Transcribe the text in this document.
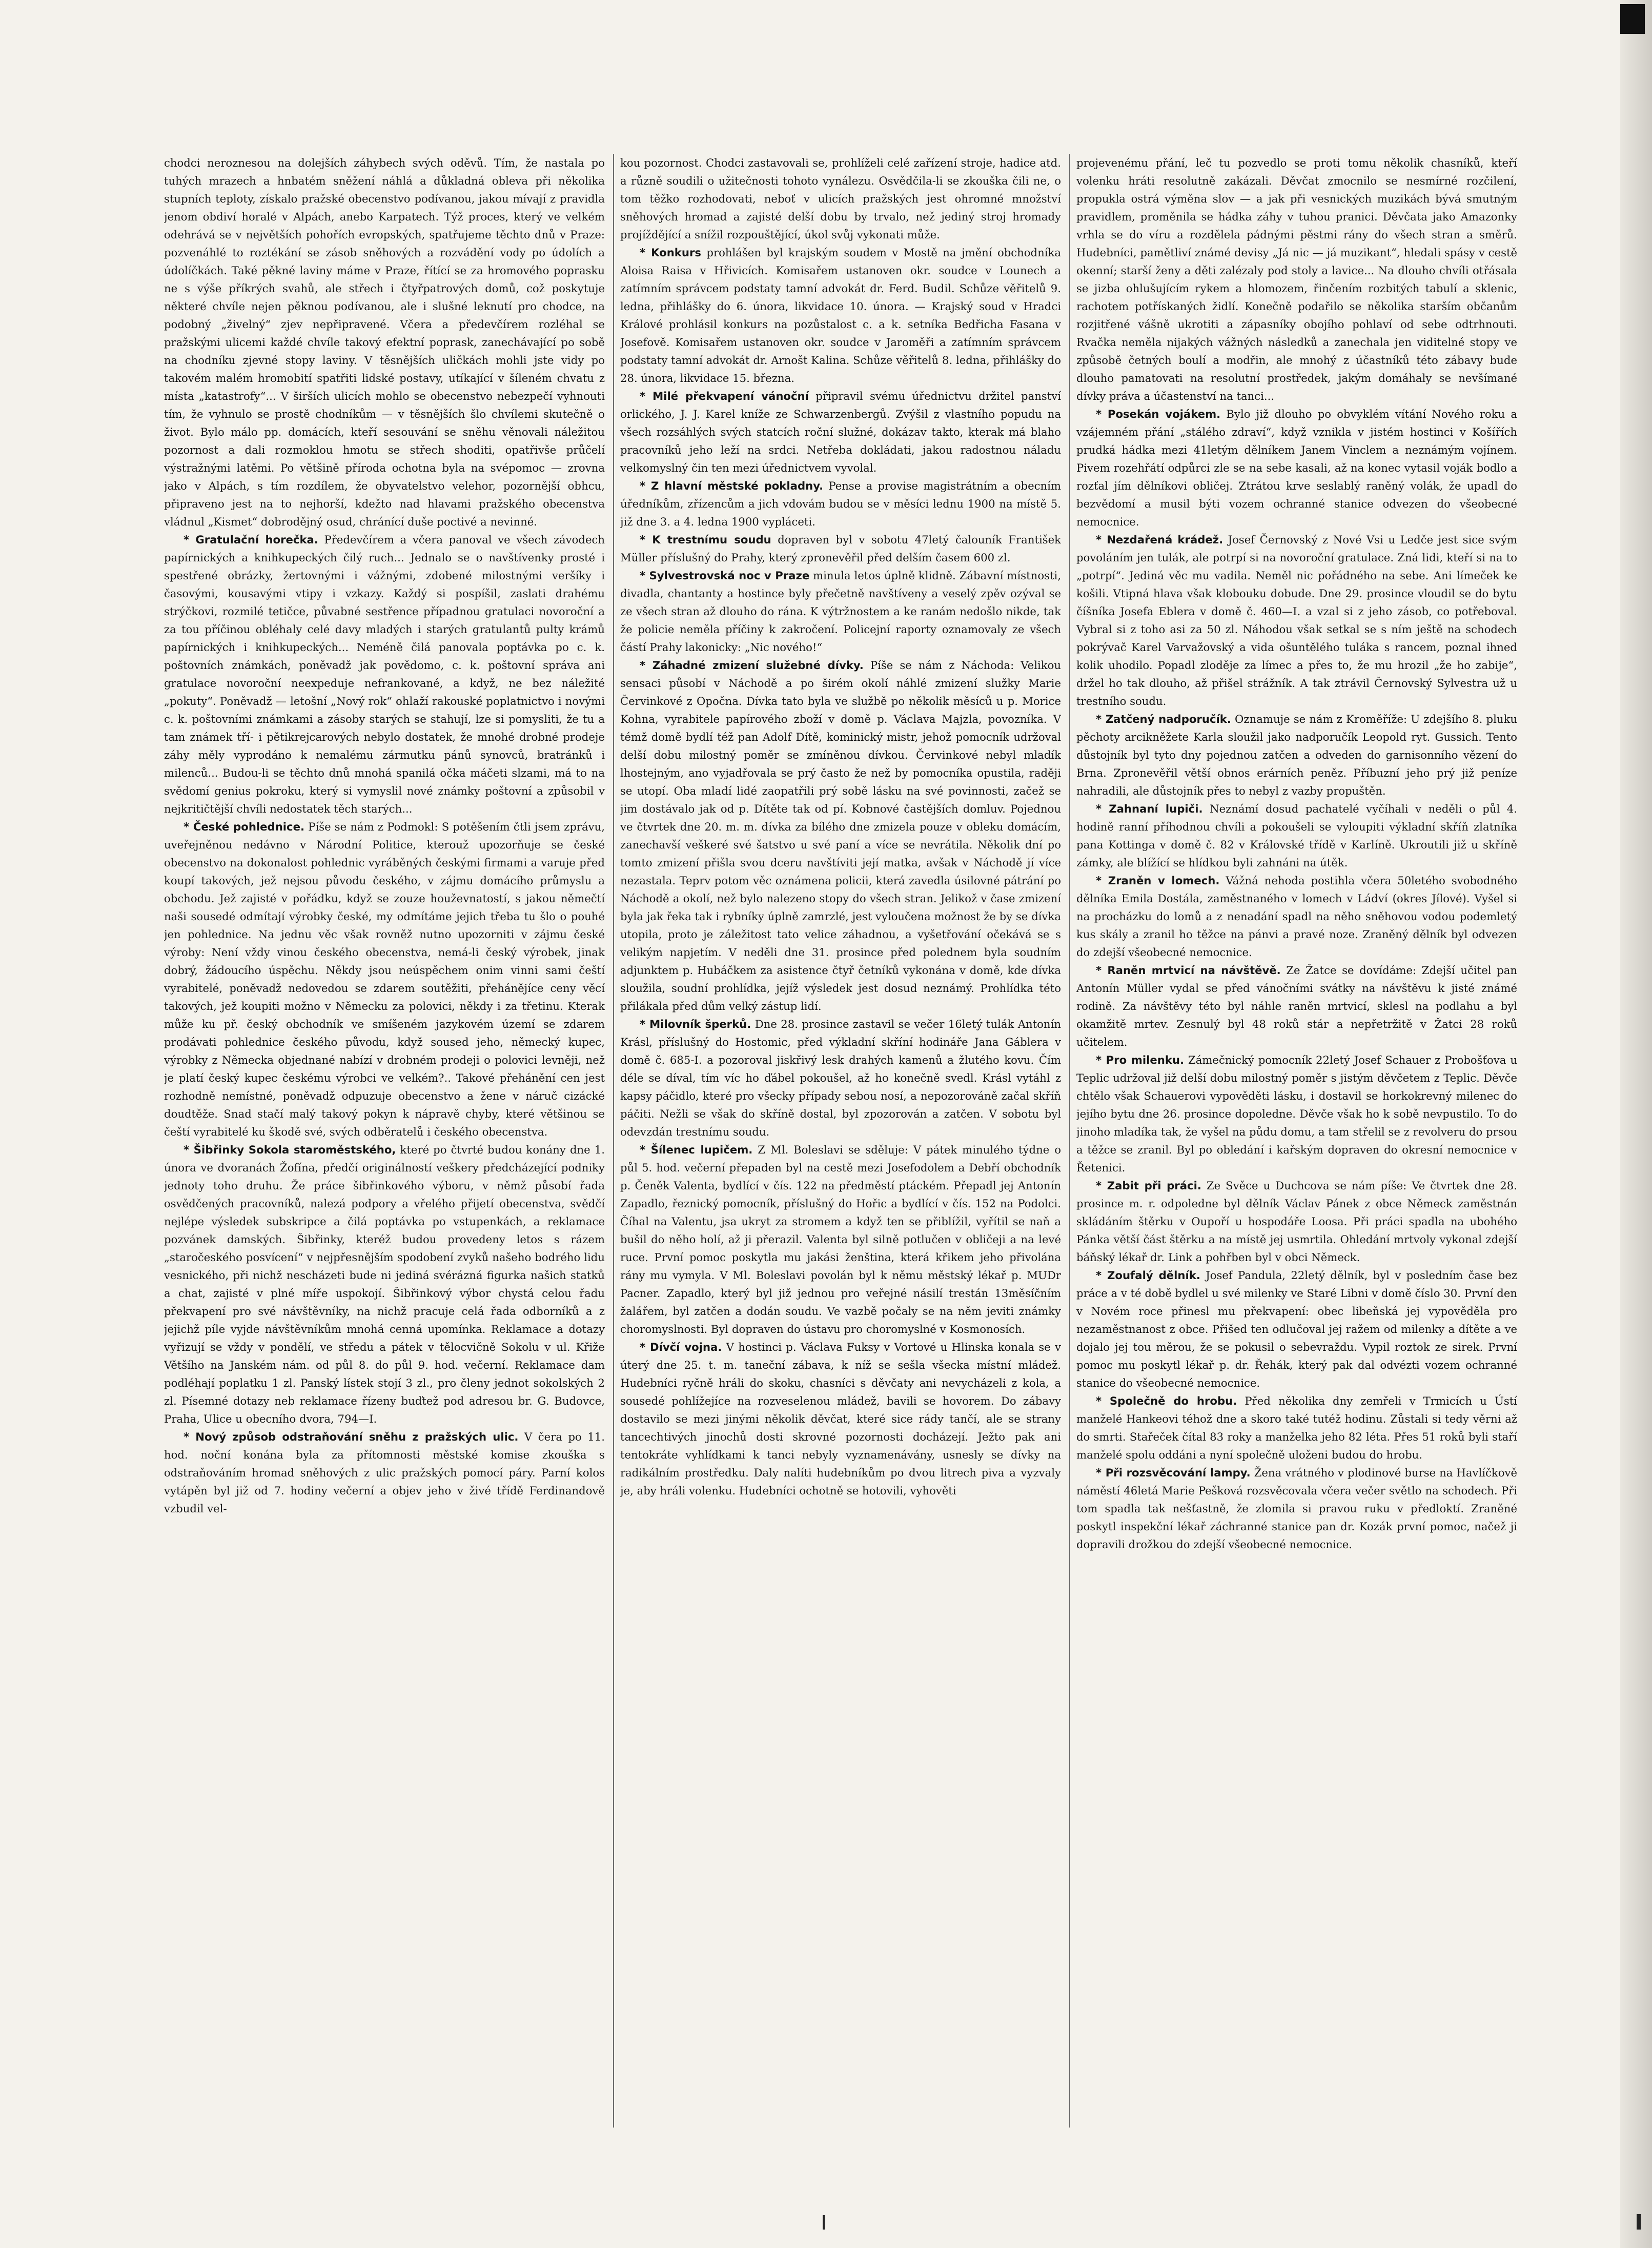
chodci neroznesou na dolejších záhybech svých oděvů. Tím, že nastala po tuhých mrazech a hnbatém sněžení náhlá a důkladná obleva při několika stupních teploty, získalo pražské obecenstvo podívanou, jakou mívají z pravidla jenom obdiví horalé v Alpách, anebo Karpatech. Týž proces, který ve velkém odehrává se v největších pohořích evropských, spatřujeme těchto dnů v Praze: pozvenáhlé to roztékání se zásob sněhových a rozvádění vody po údolích a údolíčkách. Také pěkné laviny máme v Praze, řítící se za hromového poprasku ne s výše příkrých svahů, ale střech i čtyřpatrových domů, což poskytuje některé chvíle nejen pěknou podívanou, ale i slušné leknutí pro chodce, na podobný „živelný“ zjev nepřipravené. Včera a předevčírem rozléhal se pražskými ulicemi každé chvíle takový efektní poprask, zanechávající po sobě na chodníku zjevné stopy laviny. V těsnějších uličkách mohli jste vidy po takovém malém hromobití spatřiti lidské postavy, utíkající v šíleném chvatu z místa „katastrofy“... V širších ulicích mohlo se obecenstvo nebezpečí vyhnouti tím, že vyhnulo se prostě chodníkům — v těsnějších šlo chvílemi skutečně o život. Bylo málo pp. domácích, kteří sesouvání se sněhu věnovali náležitou pozornost a dali rozmoklou hmotu se střech shoditi, opatřivše průčelí výstražnými latěmi. Po většině příroda ochotna byla na svépomoc — zrovna jako v Alpách, s tím rozdílem, že obyvatelstvo velehor, pozornější obhcu, připraveno jest na to nejhorší, kdežto nad hlavami pražského obecenstva vládnul „Kismet“ dobrodějný osud, chránící duše poctivé a nevinné.

* Gratulační horečka. Předevčírem a včera panoval ve všech závodech papírnických a knihkupeckých čilý ruch... Jednalo se o navštívenky prosté i spestřené obrázky, žertovnými i vážnými, zdobené milostnými veršíky i časovými, kousavými vtipy i vzkazy. Každý si pospíšil, zaslati drahému strýčkovi, rozmilé tetičce, půvabné sestřence případnou gratulaci novoroční a za tou příčinou obléhaly celé davy mladých i starých gratulantů pulty krámů papírnických i knihkupeckých... Neméně čilá panovala poptávka po c. k. poštovních známkách, poněvadž jak povědomo, c. k. poštovní správa ani gratulace novoroční neexpeduje nefrankované, a když, ne bez náležité „pokuty“. Poněvadž — letošní „Nový rok“ ohlaží rakouské poplatnictvo i novými c. k. poštovními známkami a zásoby starých se stahují, lze si pomysliti, že tu a tam známek tří- i pětikrejcarových nebylo dostatek, že mnohé drobné prodeje záhy měly vyprodáno k nemalému zármutku pánů synovců, bratránků i milenců... Budou-li se těchto dnů mnohá spanilá očka máčeti slzami, má to na svědomí genius pokroku, který si vymyslil nové známky poštovní a způsobil v nejkritičtější chvíli nedostatek těch starých...

* České pohlednice. Píše se nám z Podmokl: S potěšením čtli jsem zprávu, uveřejněnou nedávno v Národní Politice, kterouž upozorňuje se české obecenstvo na dokonalost pohlednic vyráběných českými firmami a varuje před koupí takových, jež nejsou původu českého, v zájmu domácího průmyslu a obchodu. Jež zajisté v pořádku, když se zouze houževnatostí, s jakou němečtí naši sousedé odmítají výrobky české, my odmítáme jejich třeba tu šlo o pouhé jen pohlednice. Na jednu věc však rovněž nutno upozorniti v zájmu české výroby: Není vždy vinou českého obecenstva, nemá-li český výrobek, jinak dobrý, žádoucího úspěchu. Někdy jsou neúspěchem onim vinni sami čeští vyrabitelé, poněvadž nedovedou se zdarem soutěžiti, přehánějíce ceny věcí takových, jež koupiti možno v Německu za polovici, někdy i za třetinu. Kterak může ku př. český obchodník ve smíšeném jazykovém území se zdarem prodávati pohlednice českého původu, když soused jeho, německý kupec, výrobky z Německa objednané nabízí v drobném prodeji o polovici levněji, než je platí český kupec českému výrobci ve velkém?.. Takové přehánění cen jest rozhodně nemístné, poněvadž odpuzuje obecenstvo a žene v náruč cizácké doudtěže. Snad stačí malý takový pokyn k nápravě chyby, které většinou se čeští vyrabitelé ku škodě své, svých odběratelů i českého obecenstva.

* Šibřinky Sokola staroměstského, které po čtvrté budou konány dne 1. února ve dvoranách Žofína, předčí originálností veškery předcházející podniky jednoty toho druhu. Že práce šibřinkového výboru, v němž působí řada osvědčených pracovníků, nalezá podpory a vřelého přijetí obecenstva, svědčí nejlépe výsledek subskripce a čilá poptávka po vstupenkách, a reklamace pozvánek damských. Šibřinky, kteréž budou provedeny letos s rázem „staročeského posvícení“ v nejpřesnějším spodobení zvyků našeho bodrého lidu vesnického, při nichž nescházeti bude ni jediná svérázná figurka našich statků a chat, zajisté v plné míře uspokojí. Šibřinkový výbor chystá celou řadu překvapení pro své návštěvníky, na nichž pracuje celá řada odborníků a z jejichž píle vyjde návštěvníkům mnohá cenná upomínka. Reklamace a dotazy vyřizují se vždy v pondělí, ve středu a pátek v tělocvičně Sokolu v ul. Křiže Většího na Janském nám. od půl 8. do půl 9. hod. večerní. Reklamace dam podléhají poplatku 1 zl. Panský lístek stojí 3 zl., pro členy jednot sokolských 2 zl. Písemné dotazy neb reklamace řízeny buďtež pod adresou br. G. Budovce, Praha, Ulice u obecního dvora, 794—I.

* Nový způsob odstraňování sněhu z pražských ulic. V čera po 11. hod. noční konána byla za přítomnosti městské komise zkouška s odstraňováním hromad sněhových z ulic pražských pomocí páry. Parní kolos vytápěn byl již od 7. hodiny večerní a objev jeho v živé třídě Ferdinandově vzbudil vel-

kou pozornost. Chodci zastavovali se, prohlíželi celé zařízení stroje, hadice atd. a různě soudili o užitečnosti tohoto vynálezu. Osvědčila-li se zkouška čili ne, o tom těžko rozhodovati, neboť v ulicích pražských jest ohromné množství sněhových hromad a zajisté delší dobu by trvalo, než jediný stroj hromady projíždějící a snížil rozpouštějící, úkol svůj vykonati může.

* Konkurs prohlášen byl krajským soudem v Mostě na jmění obchodníka Aloisa Raisa v Hřivicích. Komisařem ustanoven okr. soudce v Lounech a zatímním správcem podstaty tamní advokát dr. Ferd. Budil. Schůze věřitelů 9. ledna, přihlášky do 6. února, likvidace 10. února. — Krajský soud v Hradci Králové prohlásil konkurs na pozůstalost c. a k. setníka Bedřicha Fasana v Josefově. Komisařem ustanoven okr. soudce v Jaroměři a zatímním správcem podstaty tamní advokát dr. Arnošt Kalina. Schůze věřitelů 8. ledna, přihlášky do 28. února, likvidace 15. března.

* Milé překvapení vánoční připravil svému úřednictvu držitel panství orlického, J. J. Karel kníže ze Schwarzenbergů. Zvýšil z vlastního popudu na všech rozsáhlých svých statcích roční služné, dokázav takto, kterak má blaho pracovníků jeho leží na srdci. Netřeba dokládati, jakou radostnou náladu velkomyslný čin ten mezi úřednictvem vyvolal.

* Z hlavní městské pokladny. Pense a provise magistrátním a obecním úředníkům, zřízencům a jich vdovám budou se v měsíci lednu 1900 na místě 5. již dne 3. a 4. ledna 1900 vypláceti.

* K trestnímu soudu dopraven byl v sobotu 47letý čalouník František Müller příslušný do Prahy, který zpronevěřil před delším časem 600 zl.

* Sylvestrovská noc v Praze minula letos úplně klidně. Zábavní místnosti, divadla, chantanty a hostince byly přečetně navštíveny a veselý zpěv ozýval se ze všech stran až dlouho do rána. K výtržnostem a ke ranám nedošlo nikde, tak že policie neměla příčiny k zakročení. Policejní raporty oznamovaly ze všech částí Prahy lakonicky: „Nic nového!“

* Záhadné zmizení služebné dívky. Píše se nám z Náchoda: Velikou sensaci působí v Náchodě a po širém okolí náhlé zmizení služky Marie Červinkové z Opočna. Dívka tato byla ve službě po několik měsíců u p. Morice Kohna, vyrabitele papírového zboží v domě p. Václava Majzla, povozníka. V témž domě bydlí též pan Adolf Dítě, kominický mistr, jehož pomocník udržoval delší dobu milostný poměr se zmíněnou dívkou. Červinkové nebyl mladík lhostejným, ano vyjadřovala se prý často že než by pomocníka opustila, raději se utopí. Oba mladí lidé zaopatřili prý sobě lásku na své povinnosti, začež se jim dostávalo jak od p. Dítěte tak od pí. Kobnové častějších domluv. Pojednou ve čtvrtek dne 20. m. m. dívka za bílého dne zmizela pouze v obleku domácím, zanechavší veškeré své šatstvo u své paní a více se nevrátila. Několik dní po tomto zmizení přišla svou dceru navštíviti její matka, avšak v Náchodě jí více nezastala. Teprv potom věc oznámena policii, která zavedla úsilovné pátrání po Náchodě a okolí, než bylo nalezeno stopy do všech stran. Jelikož v čase zmizení byla jak řeka tak i rybníky úplně zamrzlé, jest vyloučena možnost že by se dívka utopila, proto je záležitost tato velice záhadnou, a vyšetřování očekává se s velikým napjetím. V neděli dne 31. prosince před polednem byla soudním adjunktem p. Hubáčkem za asistence čtyř četníků vykonána v domě, kde dívka sloužila, soudní prohlídka, jejíž výsledek jest dosud neznámý. Prohlídka této přilákala před dům velký zástup lidí.

* Milovník šperků. Dne 28. prosince zastavil se večer 16letý tulák Antonín Krásl, příslušný do Hostomic, před výkladní skříní hodináře Jana Gáblera v domě č. 685-I. a pozoroval jiskřivý lesk drahých kamenů a žlutého kovu. Čím déle se díval, tím víc ho ďábel pokoušel, až ho konečně svedl. Krásl vytáhl z kapsy páčidlo, které pro všecky případy sebou nosí, a nepozorováně začal skříň páčiti. Nežli se však do skříně dostal, byl zpozorován a zatčen. V sobotu byl odevzdán trestnímu soudu.

* Šílenec lupičem. Z Ml. Boleslavi se sděluje: V pátek minulého týdne o půl 5. hod. večerní přepaden byl na cestě mezi Josefodolem a Debří obchodník p. Čeněk Valenta, bydlící v čís. 122 na předměstí ptáckém. Přepadl jej Antonín Zapadlo, řeznický pomocník, příslušný do Hořic a bydlící v čís. 152 na Podolci. Číhal na Valentu, jsa ukryt za stromem a když ten se přiblížil, vyřítil se naň a bušil do něho holí, až ji přerazil. Valenta byl silně potlučen v obličeji a na levé ruce. První pomoc poskytla mu jakási ženština, která křikem jeho přivolána rány mu vymyla. V Ml. Boleslavi povolán byl k němu městský lékař p. MUDr Pacner. Zapadlo, který byl již jednou pro veřejné násilí trestán 13měsíčním žalářem, byl zatčen a dodán soudu. Ve vazbě počaly se na něm jeviti známky choromyslnosti. Byl dopraven do ústavu pro choromyslné v Kosmonosích.

* Dívčí vojna. V hostinci p. Václava Fuksy v Vortové u Hlinska konala se v úterý dne 25. t. m. taneční zábava, k níž se sešla všecka místní mládež. Hudebníci ryčně hráli do skoku, chasníci s děvčaty ani nevycházeli z kola, a sousedé pohlížejíce na rozveselenou mládež, bavili se hovorem. Do zábavy dostavilo se mezi jinými několik děvčat, které sice rády tančí, ale se strany tancechtivých jinochů dosti skrovné pozornosti docházejí. Ježto pak ani tentokráte vyhlídkami k tanci nebyly vyznamenávány, usnesly se dívky na radikálním prostředku. Daly nalíti hudebníkům po dvou litrech piva a vyzvaly je, aby hráli volenku. Hudebníci ochotně se hotovili, vyhověti

projevenému přání, leč tu pozvedlo se proti tomu několik chasníků, kteří volenku hráti resolutně zakázali. Děvčat zmocnilo se nesmírné rozčilení, propukla ostrá výměna slov — a jak při vesnických muzikách bývá smutným pravidlem, proměnila se hádka záhy v tuhou pranici. Děvčata jako Amazonky vrhla se do víru a rozdělela pádnými pěstmi rány do všech stran a směrů. Hudebníci, pamětliví známé devisy „Já nic — já muzikant“, hledali spásy v cestě okenní; starší ženy a děti zalézaly pod stoly a lavice... Na dlouho chvíli otřásala se jizba ohlušujícím rykem a hlomozem, řinčením rozbitých tabulí a sklenic, rachotem potřískaných židlí. Konečně podařilo se několika starším občanům rozjitřené vášně ukrotiti a zápasníky obojího pohlaví od sebe odtrhnouti. Rvačka neměla nijakých vážných následků a zanechala jen viditelné stopy ve způsobě četných boulí a modřin, ale mnohý z účastníků této zábavy bude dlouho pamatovati na resolutní prostředek, jakým domáhaly se nevšímané dívky práva a účastenství na tanci...

* Posekán vojákem. Bylo již dlouho po obvyklém vítání Nového roku a vzájemném přání „stálého zdraví“, když vznikla v jistém hostinci v Košířích prudká hádka mezi 41letým dělníkem Janem Vinclem a neznámým vojínem. Pivem rozehřátí odpůrci zle se na sebe kasali, až na konec vytasil voják bodlo a rozťal jím dělníkovi obličej. Ztrátou krve seslablý raněný volák, že upadl do bezvědomí a musil býti vozem ochranné stanice odvezen do všeobecné nemocnice.

* Nezdařená krádež. Josef Černovský z Nové Vsi u Ledče jest sice svým povoláním jen tulák, ale potrpí si na novoroční gratulace. Zná lidi, kteří si na to „potrpí“. Jediná věc mu vadila. Neměl nic pořádného na sebe. Ani límeček ke košili. Vtipná hlava však klobouku dobude. Dne 29. prosince vloudil se do bytu číšníka Josefa Eblera v domě č. 460—I. a vzal si z jeho zásob, co potřeboval. Vybral si z toho asi za 50 zl. Náhodou však setkal se s ním ještě na schodech pokrývač Karel Varvažovský a vida ošuntělého tuláka s rancem, poznal ihned kolik uhodilo. Popadl zloděje za límec a přes to, že mu hrozil „že ho zabije“, držel ho tak dlouho, až přišel strážník. A tak ztrávil Černovský Sylvestra už u trestního soudu.

* Zatčený nadporučík. Oznamuje se nám z Kroměříže: U zdejšího 8. pluku pěchoty arcikněžete Karla sloužil jako nadporučík Leopold ryt. Gussich. Tento důstojník byl tyto dny pojednou zatčen a odveden do garnisonního vězení do Brna. Zpronevěřil větší obnos erárních peněz. Příbuzní jeho prý již peníze nahradili, ale důstojník přes to nebyl z vazby propuštěn.

* Zahnaní lupiči. Neznámí dosud pachatelé vyčíhali v neděli o půl 4. hodině ranní příhodnou chvíli a pokoušeli se vyloupiti výkladní skříň zlatníka pana Kottinga v domě č. 82 v Královské třídě v Karlíně. Ukroutili již u skříně zámky, ale blížící se hlídkou byli zahnáni na útěk.

* Zraněn v lomech. Vážná nehoda postihla včera 50letého svobodného dělníka Emila Dostála, zaměstnaného v lomech v Ládví (okres Jílové). Vyšel si na procházku do lomů a z nenadání spadl na něho sněhovou vodou podemletý kus skály a zranil ho těžce na pánvi a pravé noze. Zraněný dělník byl odvezen do zdejší všeobecné nemocnice.

* Raněn mrtvicí na návštěvě. Ze Žatce se dovídáme: Zdejší učitel pan Antonín Müller vydal se před vánočními svátky na návštěvu k jisté známé rodině. Za návštěvy této byl náhle raněn mrtvicí, sklesl na podlahu a byl okamžitě mrtev. Zesnulý byl 48 roků stár a nepřetržitě v Žatci 28 roků učitelem.

* Pro milenku. Zámečnický pomocník 22letý Josef Schauer z Probošťova u Teplic udržoval již delší dobu milostný poměr s jistým děvčetem z Teplic. Děvče chtělo však Schauerovi vypověděti lásku, i dostavil se horkokrevný milenec do jejího bytu dne 26. prosince dopoledne. Děvče však ho k sobě nevpustilo. To do jinoho mladíka tak, že vyšel na půdu domu, a tam střelil se z revolveru do prsou a těžce se zranil. Byl po obledání i kařským dopraven do okresní nemocnice v Řetenici.

* Zabit při práci. Ze Svěce u Duchcova se nám píše: Ve čtvrtek dne 28. prosince m. r. odpoledne byl dělník Václav Pánek z obce Německ zaměstnán skládáním štěrku v Oupoří u hospodáře Loosa. Při práci spadla na ubohého Pánka větší část štěrku a na místě jej usmrtila. Ohledání mrtvoly vykonal zdejší báňský lékař dr. Link a pohřben byl v obci Německ.

* Zoufalý dělník. Josef Pandula, 22letý dělník, byl v posledním čase bez práce a v té době bydlel u své milenky ve Staré Libni v domě číslo 30. První den v Novém roce přinesl mu překvapení: obec libeňská jej vypověděla pro nezaměstnanost z obce. Přišed ten odlučoval jej ražem od milenky a dítěte a ve dojalo jej tou měrou, že se pokusil o sebevraždu. Vypil roztok ze sirek. První pomoc mu poskytl lékař p. dr. Řehák, který pak dal odvézti vozem ochranné stanice do všeobecné nemocnice.

* Společně do hrobu. Před několika dny zemřeli v Trmicích u Ústí manželé Hankeovi téhož dne a skoro také tutéž hodinu. Zůstali si tedy věrni až do smrti. Stařeček čítal 83 roky a manželka jeho 82 léta. Přes 51 roků byli staří manželé spolu oddáni a nyní společně uloženi budou do hrobu.

* Při rozsvěcování lampy. Žena vrátného v plodinové burse na Havlíčkově náměstí 46letá Marie Pešková rozsvěcovala včera večer světlo na schodech. Při tom spadla tak nešťastně, že zlomila si pravou ruku v předloktí. Zraněné poskytl inspekční lékař záchranné stanice pan dr. Kozák první pomoc, načež ji dopravili drožkou do zdejší všeobecné nemocnice.
